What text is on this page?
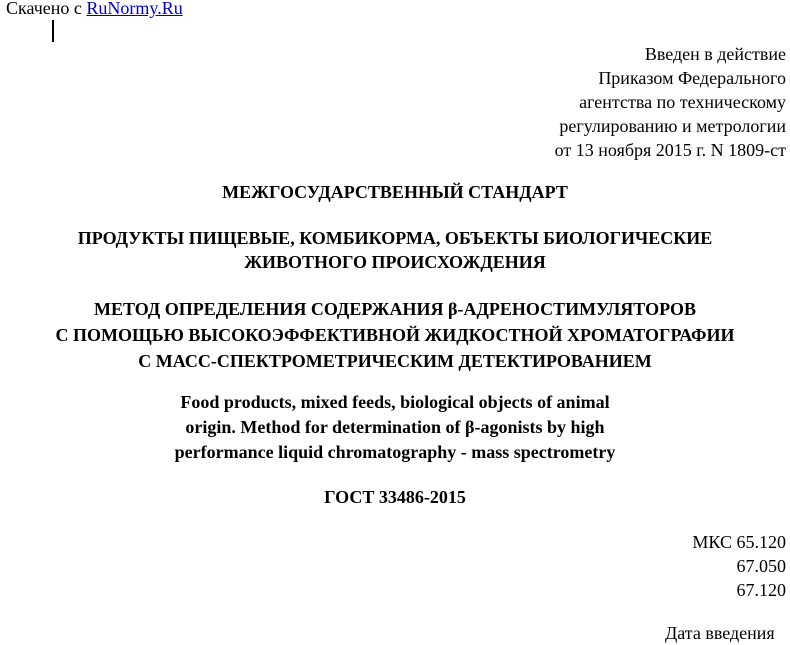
Скачено с RuNormy.Ru
Введен в действие
Приказом Федерального
агентства по техническому
регулированию и метрологии
от 13 ноября 2015 г. N 1809-ст
МЕЖГОСУДАРСТВЕННЫЙ СТАНДАРТ
ПРОДУКТЫ ПИЩЕВЫЕ, КОМБИКОРМА, ОБЪЕКТЫ БИОЛОГИЧЕСКИЕ
ЖИВОТНОГО ПРОИСХОЖДЕНИЯ
МЕТОД ОПРЕДЕЛЕНИЯ СОДЕРЖАНИЯ β-АДРЕНОСТИМУЛЯТОРОВ
С ПОМОЩЬЮ ВЫСОКОЭФФЕКТИВНОЙ ЖИДКОСТНОЙ ХРОМАТОГРАФИИ
С МАСС-СПЕКТРОМЕТРИЧЕСКИМ ДЕТЕКТИРОВАНИЕМ
Food products, mixed feeds, biological objects of animal
origin. Method for determination of β-agonists by high
performance liquid chromatography - mass spectrometry
ГОСТ 33486-2015
МКС 65.120
67.050
67.120
Дата введения
